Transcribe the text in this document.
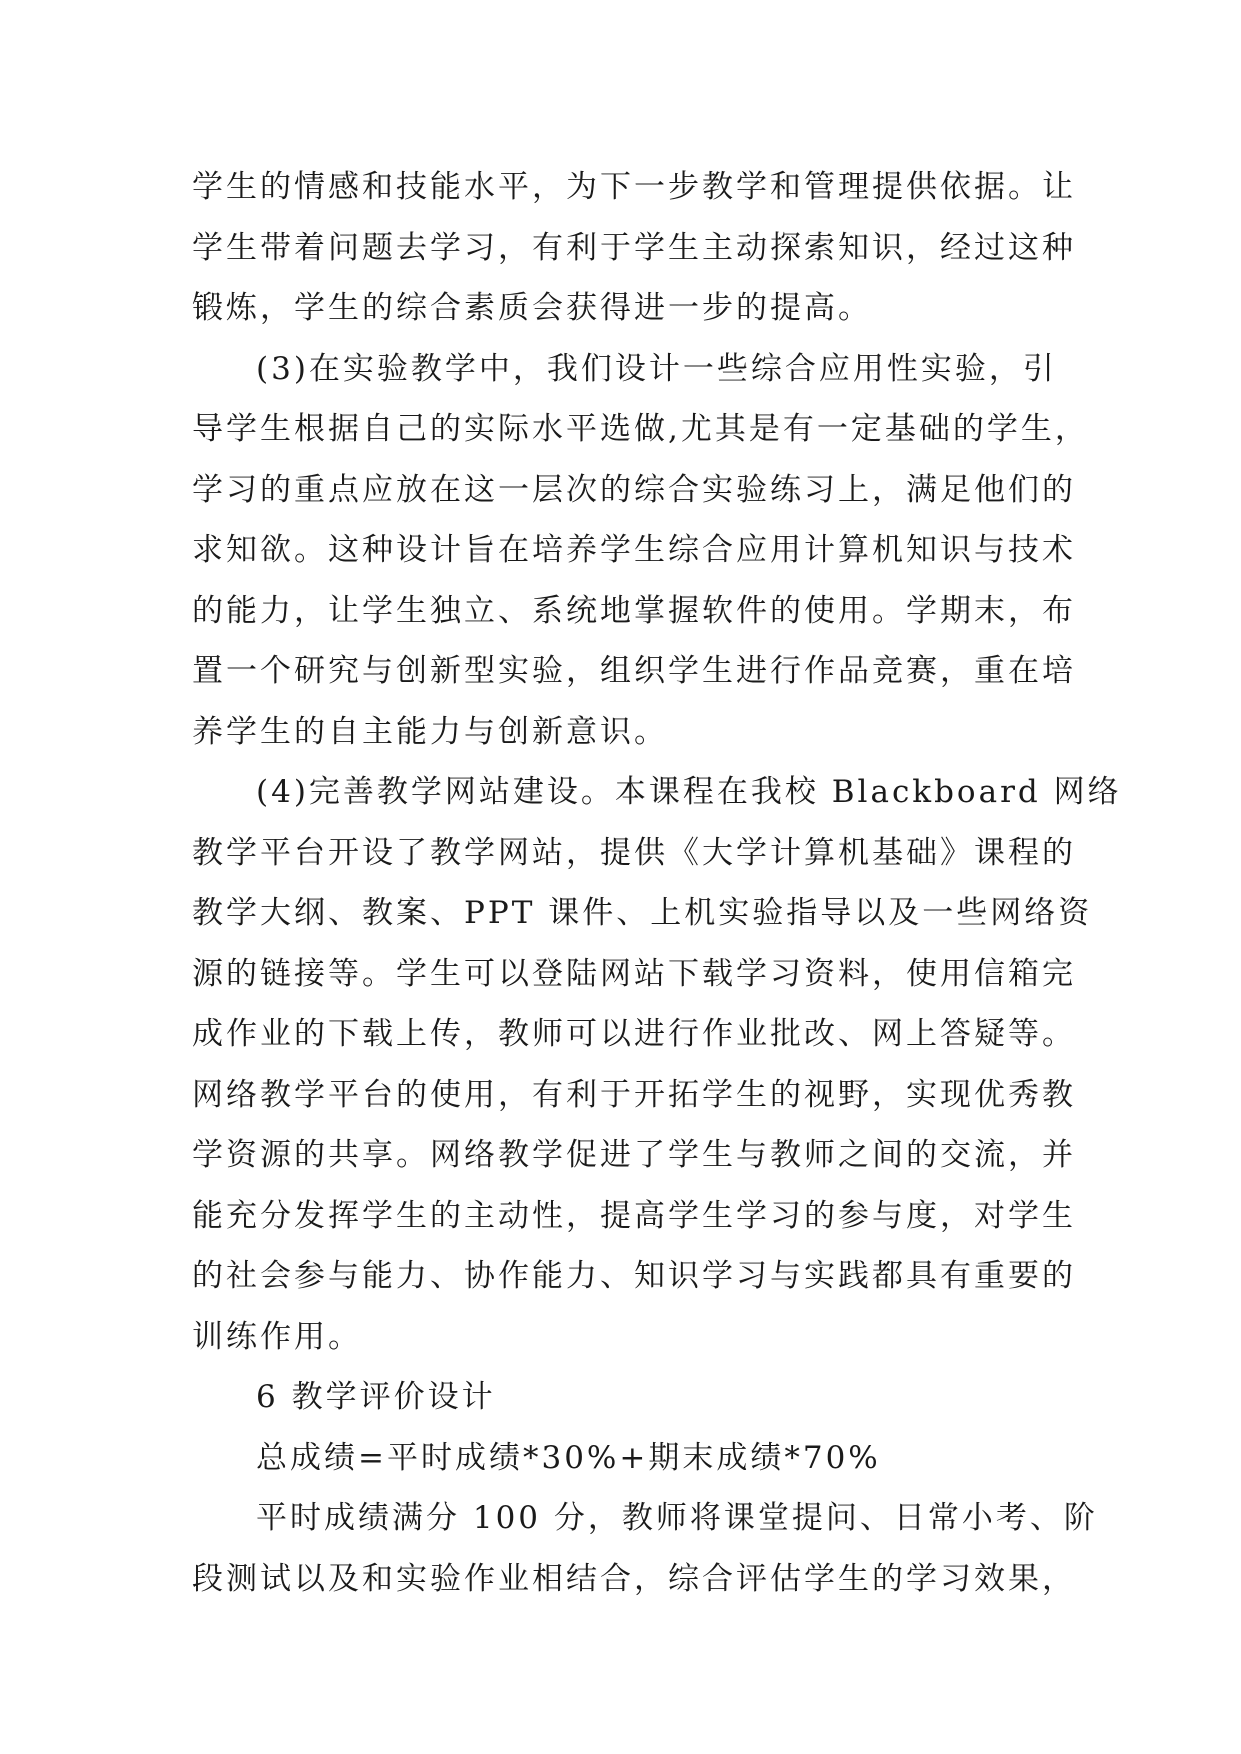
学生的情感和技能水平，为下一步教学和管理提供依据。让
学生带着问题去学习，有利于学生主动探索知识，经过这种
锻炼，学生的综合素质会获得进一步的提高。
(3)在实验教学中，我们设计一些综合应用性实验，引
导学生根据自己的实际水平选做,尤其是有一定基础的学生，
学习的重点应放在这一层次的综合实验练习上，满足他们的
求知欲。这种设计旨在培养学生综合应用计算机知识与技术
的能力，让学生独立、系统地掌握软件的使用。学期末，布
置一个研究与创新型实验，组织学生进行作品竞赛，重在培
养学生的自主能力与创新意识。
(4)完善教学网站建设。本课程在我校 Blackboard 网络
教学平台开设了教学网站，提供《大学计算机基础》课程的
教学大纲、教案、PPT 课件、上机实验指导以及一些网络资
源的链接等。学生可以登陆网站下载学习资料，使用信箱完
成作业的下载上传，教师可以进行作业批改、网上答疑等。
网络教学平台的使用，有利于开拓学生的视野，实现优秀教
学资源的共享。网络教学促进了学生与教师之间的交流，并
能充分发挥学生的主动性，提高学生学习的参与度，对学生
的社会参与能力、协作能力、知识学习与实践都具有重要的
训练作用。
6 教学评价设计
总成绩=平时成绩*30%+期末成绩*70%
平时成绩满分 100 分，教师将课堂提问、日常小考、阶
段测试以及和实验作业相结合，综合评估学生的学习效果，
